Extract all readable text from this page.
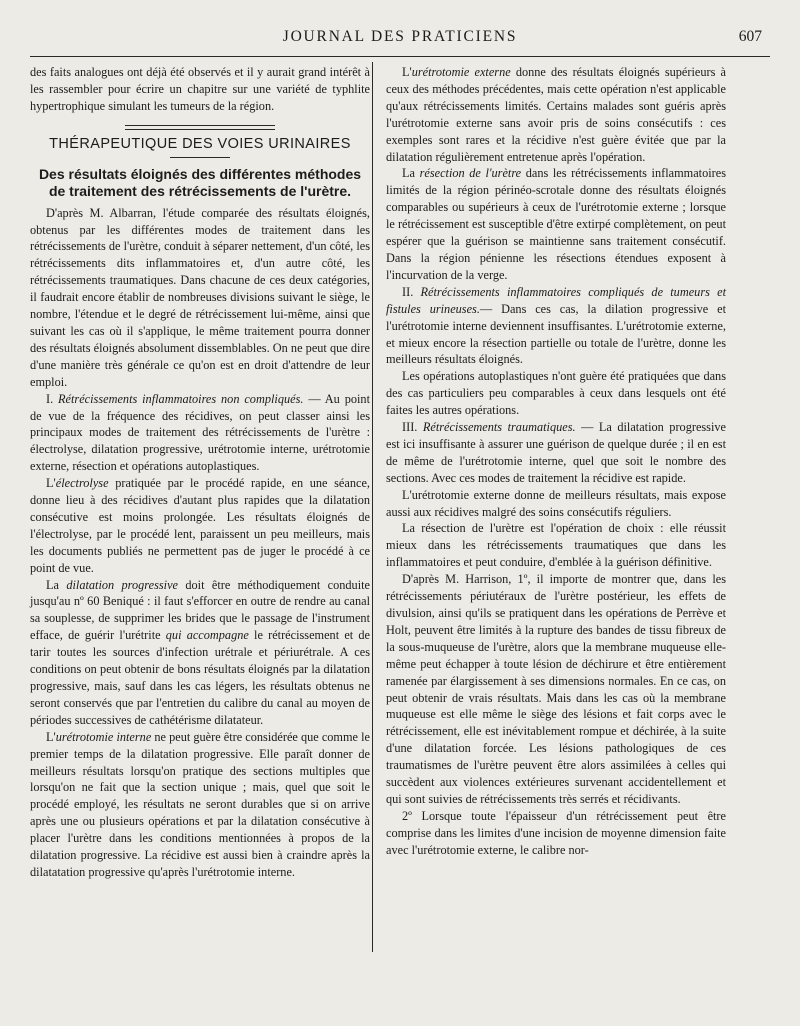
JOURNAL DES PRATICIENS	607

des faits analogues ont déjà été observés et il y aurait grand intérêt à les rassembler pour écrire un chapitre sur une variété de typhlite hypertrophique simulant les tumeurs de la région.

THÉRAPEUTIQUE DES VOIES URINAIRES
Des résultats éloignés des différentes méthodes de traitement des rétrécissements de l'urètre.

D'après M. Albarran, l'étude comparée des résultats éloignés, obtenus par les différentes modes de traitement dans les rétrécissements de l'urètre, conduit à séparer nettement, d'un côté, les rétrécissements dits inflammatoires et, d'un autre côté, les rétrécissements traumatiques. Dans chacune de ces deux catégories, il faudrait encore établir de nombreuses divisions suivant le siège, le nombre, l'étendue et le degré de rétrécissement lui-même, ainsi que suivant les cas où il s'applique, le même traitement pourra donner des résultats éloignés absolument dissemblables. On ne peut que dire d'une manière très générale ce qu'on est en droit d'attendre de leur emploi.

I. Rétrécissements inflammatoires non compliqués. — Au point de vue de la fréquence des récidives, on peut classer ainsi les principaux modes de traitement des rétrécissements de l'urètre : électrolyse, dilatation progressive, urétrotomie interne, urétrotomie externe, résection et opérations autoplastiques.

L'électrolyse pratiquée par le procédé rapide, en une séance, donne lieu à des récidives d'autant plus rapides que la dilatation consécutive est moins prolongée. Les résultats éloignés de l'électrolyse, par le procédé lent, paraissent un peu meilleurs, mais les documents publiés ne permettent pas de juger le procédé à ce point de vue.

La dilatation progressive doit être méthodiquement conduite jusqu'au nº 60 Beniqué : il faut s'efforcer en outre de rendre au canal sa souplesse, de supprimer les brides que le passage de l'instrument efface, de guérir l'urétrite qui accompagne le rétrécissement et de tarir toutes les sources d'infection urétrale et périurétrale. A ces conditions on peut obtenir de bons résultats éloignés par la dilatation progressive, mais, sauf dans les cas légers, les résultats obtenus ne seront conservés que par l'entretien du calibre du canal au moyen de périodes successives de cathétérisme dilatateur.

L'urétrotomie interne ne peut guère être considérée que comme le premier temps de la dilatation progressive. Elle paraît donner de meilleurs résultats lorsqu'on pratique des sections multiples que lorsqu'on ne fait que la section unique ; mais, quel que soit le procédé employé, les résultats ne seront durables que si on arrive après une ou plusieurs opérations et par la dilatation consécutive à placer l'urètre dans les conditions mentionnées à propos de la dilatation progressive. La récidive est aussi bien à craindre après la dilatatation progressive qu'après l'urétrotomie interne.

L'urétrotomie externe donne des résultats éloignés supérieurs à ceux des méthodes précédentes, mais cette opération n'est applicable qu'aux rétrécissements limités. Certains malades sont guéris après l'urétrotomie externe sans avoir pris de soins consécutifs : ces exemples sont rares et la récidive n'est guère évitée que par la dilatation régulièrement entretenue après l'opération.

La résection de l'urètre dans les rétrécissements inflammatoires limités de la région périnéo-scrotale donne des résultats éloignés comparables ou supérieurs à ceux de l'urétrotomie externe ; lorsque le rétrécissement est susceptible d'être extirpé complètement, on peut espérer que la guérison se maintienne sans traitement consécutif. Dans la région pénienne les résections étendues exposent à l'incurvation de la verge.

II. Rétrécissements inflammatoires compliqués de tumeurs et fistules urineuses.— Dans ces cas, la dilation progressive et l'urétrotomie interne deviennent insuffisantes. L'urétrotomie externe, et mieux encore la résection partielle ou totale de l'urètre, donne les meilleurs résultats éloignés.

Les opérations autoplastiques n'ont guère été pratiquées que dans des cas particuliers peu comparables à ceux dans lesquels ont été faites les autres opérations.

III. Rétrécissements traumatiques. — La dilatation progressive est ici insuffisante à assurer une guérison de quelque durée ; il en est de même de l'urétrotomie interne, quel que soit le nombre des sections. Avec ces modes de traitement la récidive est rapide.

L'urétrotomie externe donne de meilleurs résultats, mais expose aussi aux récidives malgré des soins consécutifs réguliers.

La résection de l'urètre est l'opération de choix : elle réussit mieux dans les rétrécissements traumatiques que dans les inflammatoires et peut conduire, d'emblée à la guérison définitive.

D'après M. Harrison, 1º, il importe de montrer que, dans les rétrécissements périutéraux de l'urètre postérieur, les effets de divulsion, ainsi qu'ils se pratiquent dans les opérations de Perrève et Holt, peuvent être limités à la rupture des bandes de tissu fibreux de la sous-muqueuse de l'urètre, alors que la membrane muqueuse elle-même peut échapper à toute lésion de déchirure et être entièrement ramenée par élargissement à ses dimensions normales. En ce cas, on peut obtenir de vrais résultats. Mais dans les cas où la membrane muqueuse est elle même le siège des lésions et fait corps avec le rétrécissement, elle est inévitablement rompue et déchirée, à la suite d'une dilatation forcée. Les lésions pathologiques de ces traumatismes de l'urètre peuvent être alors assimilées à celles qui succèdent aux violences extérieures survenant accidentellement et qui sont suivies de rétrécissements très serrés et récidivants.

2º Lorsque toute l'épaisseur d'un rétrécissement peut être comprise dans les limites d'une incision de moyenne dimension faite avec l'urétrotomie externe, le calibre nor-
